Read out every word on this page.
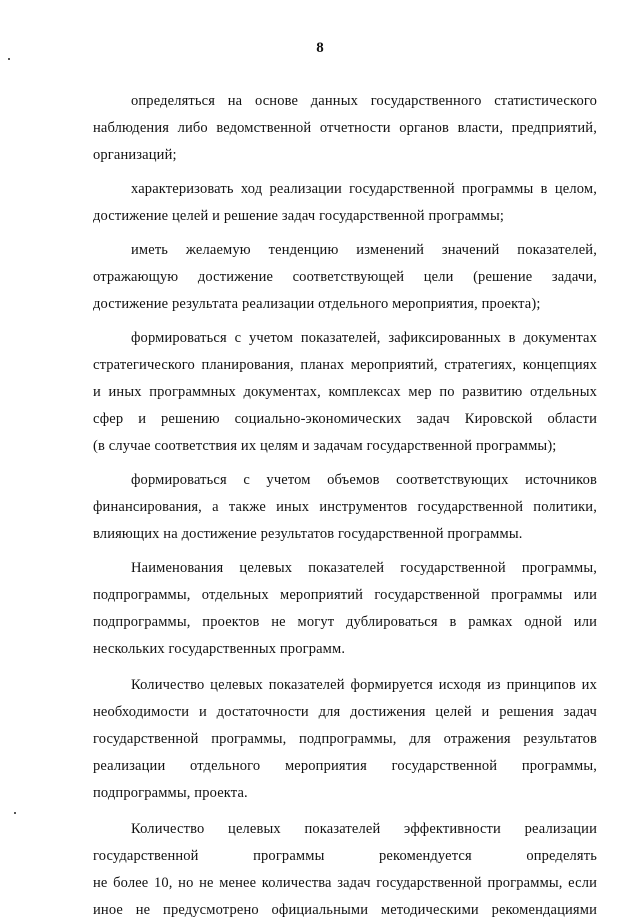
8

определяться на основе данных государственного статистического

наблюдения либо ведомственной отчетности органов власти, предприятий,

организаций;

характеризовать ход реализации государственной программы в целом,

достижение целей и решение задач государственной программы;

иметь желаемую тенденцию изменений значений показателей,

отражающую достижение соответствующей цели (решение задачи,

достижение результата реализации отдельного мероприятия, проекта);

формироваться с учетом показателей, зафиксированных в документах

стратегического планирования, планах мероприятий, стратегиях, концепциях

и иных программных документах, комплексах мер по развитию отдельных

сфер и решению социально-экономических задач Кировской области

(в случае соответствия их целям и задачам государственной программы);

формироваться с учетом объемов соответствующих источников

финансирования, а также иных инструментов государственной политики,

влияющих на достижение результатов государственной программы.

Наименования целевых показателей государственной программы,

подпрограммы, отдельных мероприятий государственной программы или

подпрограммы, проектов не могут дублироваться в рамках одной или

нескольких государственных программ.

Количество целевых показателей формируется исходя из принципов их

необходимости и достаточности для достижения целей и решения задач

государственной программы, подпрограммы, для отражения результатов

реализации отдельного мероприятия государственной программы,

подпрограммы, проекта.

Количество целевых показателей эффективности реализации

государственной программы рекомендуется определять

не более 10, но не менее количества задач государственной программы, если

иное не предусмотрено официальными методическими рекомендациями
